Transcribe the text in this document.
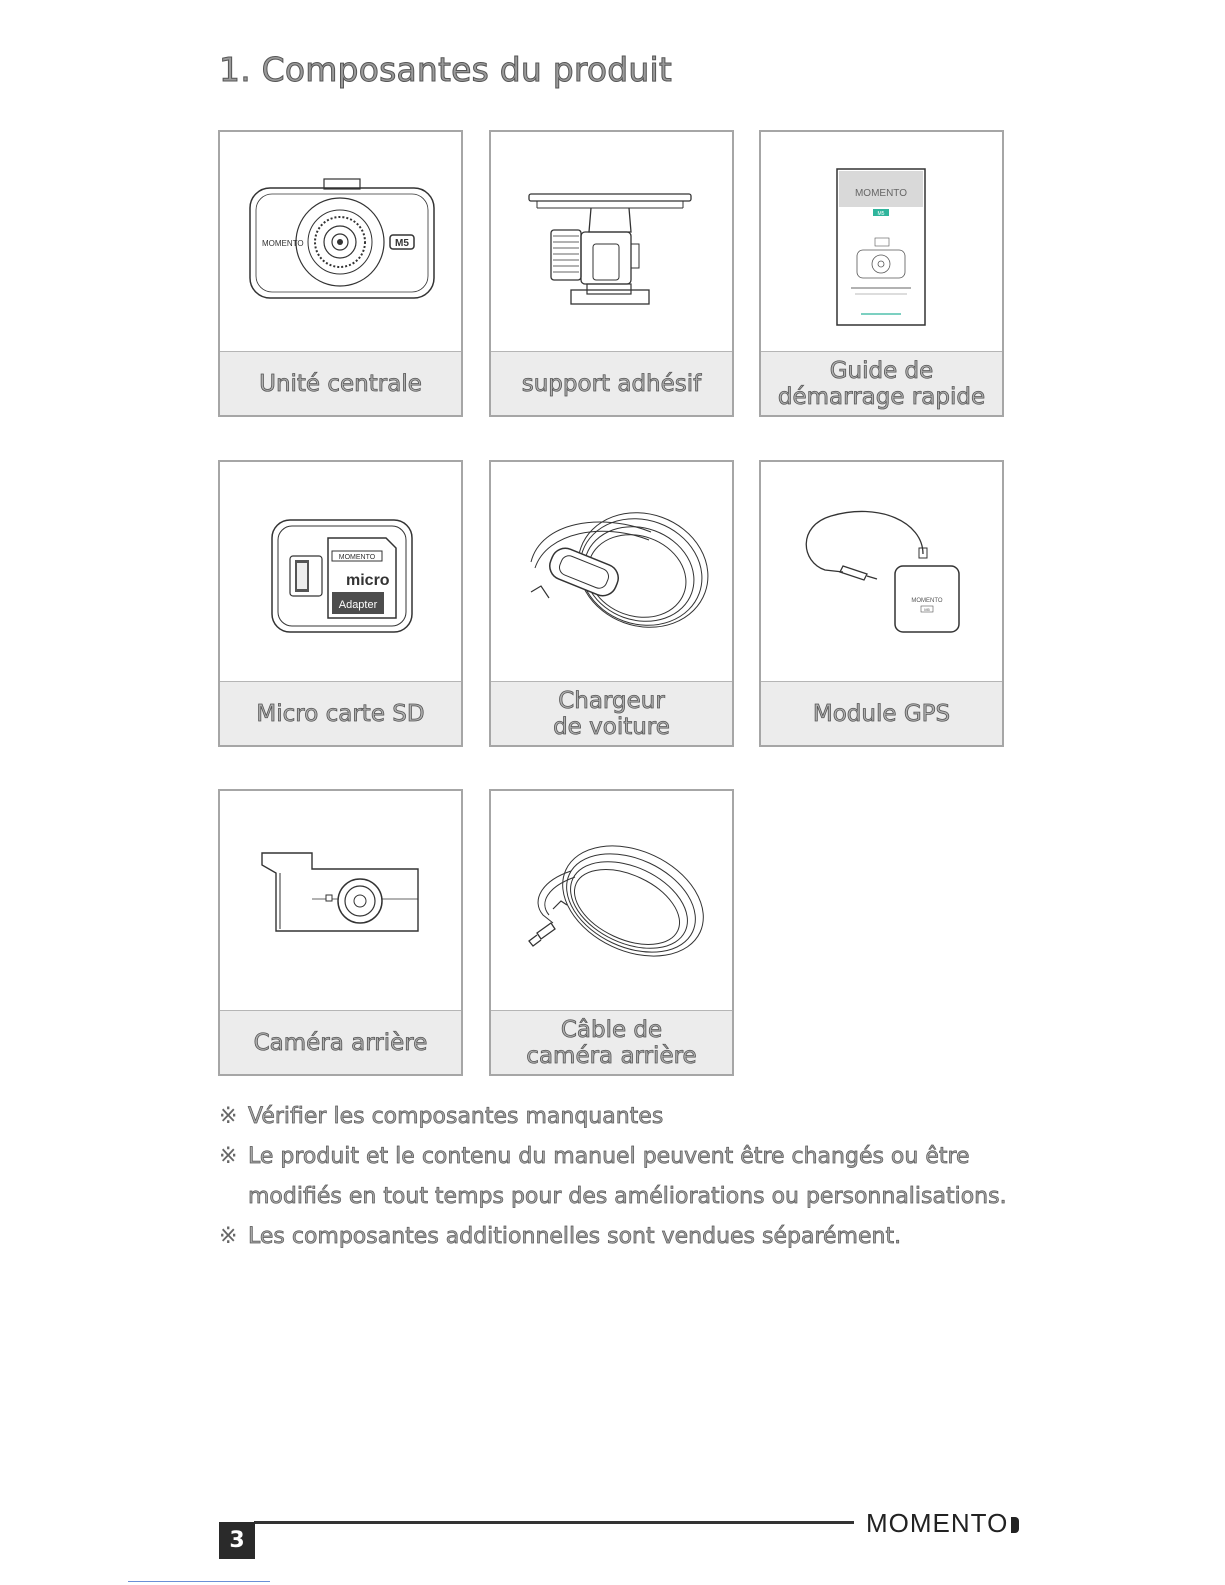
1. Composantes du produit
MOMENTO	M5
Unité centrale	support adhésif
MOMENTO
M5
Guide de
démarrage rapide
MOMENTO
micro
Adapter
Micro carte SD	Chargeur
de voiture
MOMENTO
M5
Module GPS
Caméra arrière	Câble de
caméra arrière
※ Vérifier les composantes manquantes
※ Le produit et le contenu du manuel peuvent être changés ou être
modifiés en tout temps pour des améliorations ou personnalisations.
※ Les composantes additionnelles sont vendues séparément.
3
MOMENTO
